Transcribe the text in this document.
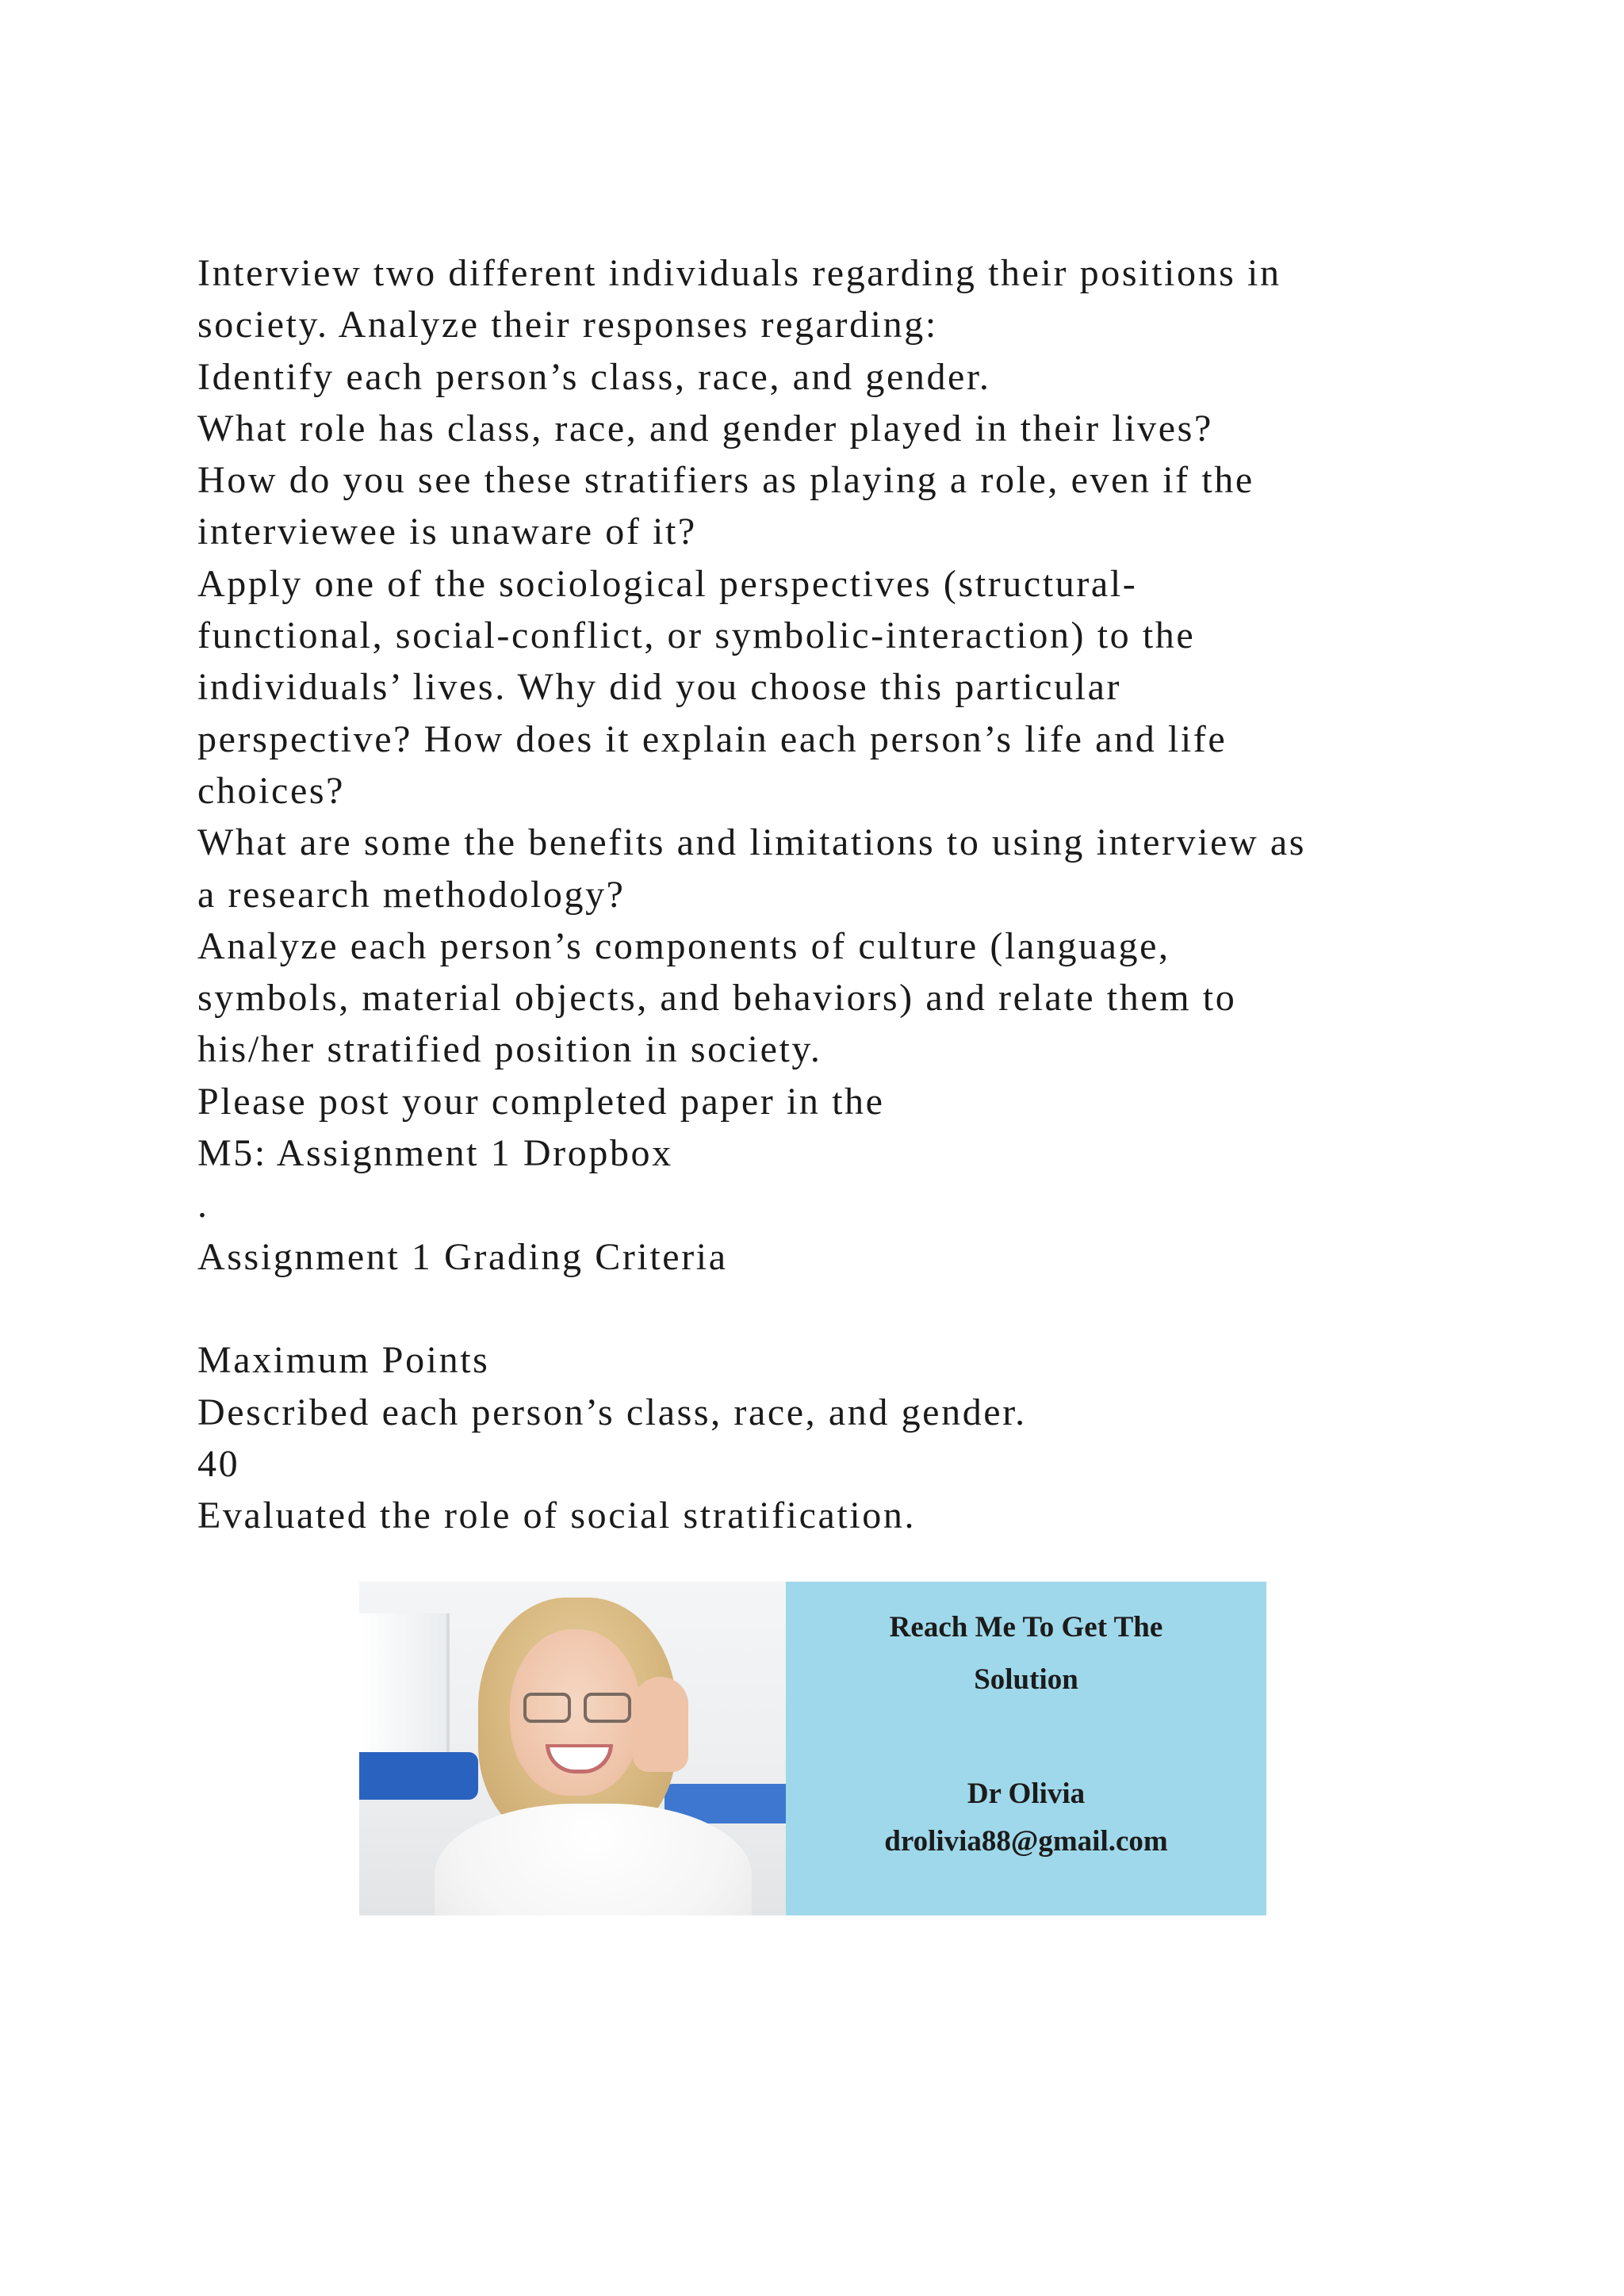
Interview two different individuals regarding their positions in
society. Analyze their responses regarding:
Identify each person’s class, race, and gender.
What role has class, race, and gender played in their lives?
How do you see these stratifiers as playing a role, even if the
interviewee is unaware of it?
Apply one of the sociological perspectives (structural-
functional, social-conflict, or symbolic-interaction) to the
individuals’ lives. Why did you choose this particular
perspective? How does it explain each person’s life and life
choices?
What are some the benefits and limitations to using interview as
a research methodology?
Analyze each person’s components of culture (language,
symbols, material objects, and behaviors) and relate them to
his/her stratified position in society.
Please post your completed paper in the
M5: Assignment 1 Dropbox
.
Assignment 1 Grading Criteria
Maximum Points
Described each person’s class, race, and gender.
40
Evaluated the role of social stratification.
Reach Me To Get The
Solution
Dr Olivia
drolivia88@gmail.com
